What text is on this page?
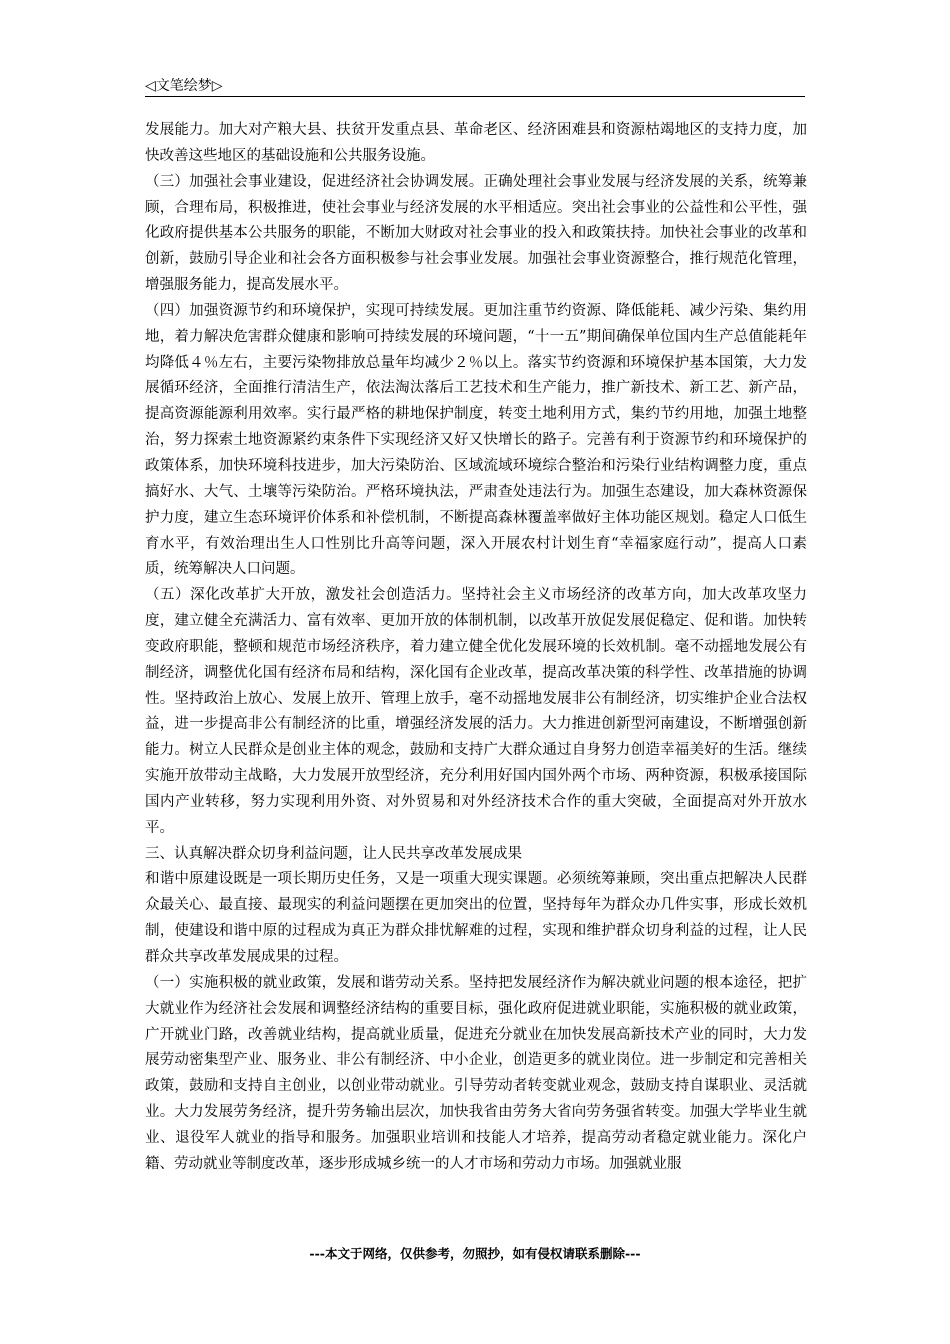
◁文笔绘梦▷

发展能力。加大对产粮大县、扶贫开发重点县、革命老区、经济困难县和资源枯竭地区的支持力度，加快改善这些地区的基础设施和公共服务设施。

（三）加强社会事业建设，促进经济社会协调发展。正确处理社会事业发展与经济发展的关系，统筹兼顾，合理布局，积极推进，使社会事业与经济发展的水平相适应。突出社会事业的公益性和公平性，强化政府提供基本公共服务的职能，不断加大财政对社会事业的投入和政策扶持。加快社会事业的改革和创新，鼓励引导企业和社会各方面积极参与社会事业发展。加强社会事业资源整合，推行规范化管理，增强服务能力，提高发展水平。

（四）加强资源节约和环境保护，实现可持续发展。更加注重节约资源、降低能耗、减少污染、集约用地，着力解决危害群众健康和影响可持续发展的环境问题，“十一五”期间确保单位国内生产总值能耗年均降低４％左右，主要污染物排放总量年均减少２％以上。落实节约资源和环境保护基本国策，大力发展循环经济，全面推行清洁生产，依法淘汰落后工艺技术和生产能力，推广新技术、新工艺、新产品，提高资源能源利用效率。实行最严格的耕地保护制度，转变土地利用方式，集约节约用地，加强土地整治，努力探索土地资源紧约束条件下实现经济又好又快增长的路子。完善有利于资源节约和环境保护的政策体系，加快环境科技进步，加大污染防治、区域流域环境综合整治和污染行业结构调整力度，重点搞好水、大气、土壤等污染防治。严格环境执法，严肃查处违法行为。加强生态建设，加大森林资源保护力度，建立生态环境评价体系和补偿机制，不断提高森林覆盖率做好主体功能区规划。稳定人口低生育水平，有效治理出生人口性别比升高等问题，深入开展农村计划生育“幸福家庭行动”，提高人口素质，统筹解决人口问题。

（五）深化改革扩大开放，激发社会创造活力。坚持社会主义市场经济的改革方向，加大改革攻坚力度，建立健全充满活力、富有效率、更加开放的体制机制，以改革开放促发展促稳定、促和谐。加快转变政府职能，整顿和规范市场经济秩序，着力建立健全优化发展环境的长效机制。毫不动摇地发展公有制经济，调整优化国有经济布局和结构，深化国有企业改革，提高改革决策的科学性、改革措施的协调性。坚持政治上放心、发展上放开、管理上放手，毫不动摇地发展非公有制经济，切实维护企业合法权益，进一步提高非公有制经济的比重，增强经济发展的活力。大力推进创新型河南建设，不断增强创新能力。树立人民群众是创业主体的观念，鼓励和支持广大群众通过自身努力创造幸福美好的生活。继续实施开放带动主战略，大力发展开放型经济，充分利用好国内国外两个市场、两种资源，积极承接国际国内产业转移，努力实现利用外资、对外贸易和对外经济技术合作的重大突破，全面提高对外开放水平。

三、认真解决群众切身利益问题，让人民共享改革发展成果

和谐中原建设既是一项长期历史任务，又是一项重大现实课题。必须统筹兼顾，突出重点把解决人民群众最关心、最直接、最现实的利益问题摆在更加突出的位置，坚持每年为群众办几件实事，形成长效机制，使建设和谐中原的过程成为真正为群众排忧解难的过程，实现和维护群众切身利益的过程，让人民群众共享改革发展成果的过程。

（一）实施积极的就业政策，发展和谐劳动关系。坚持把发展经济作为解决就业问题的根本途径，把扩大就业作为经济社会发展和调整经济结构的重要目标，强化政府促进就业职能，实施积极的就业政策，广开就业门路，改善就业结构，提高就业质量，促进充分就业在加快发展高新技术产业的同时，大力发展劳动密集型产业、服务业、非公有制经济、中小企业，创造更多的就业岗位。进一步制定和完善相关政策，鼓励和支持自主创业，以创业带动就业。引导劳动者转变就业观念，鼓励支持自谋职业、灵活就业。大力发展劳务经济，提升劳务输出层次，加快我省由劳务大省向劳务强省转变。加强大学毕业生就业、退役军人就业的指导和服务。加强职业培训和技能人才培养，提高劳动者稳定就业能力。深化户籍、劳动就业等制度改革，逐步形成城乡统一的人才市场和劳动力市场。加强就业服

---本文于网络，仅供参考，勿照抄，如有侵权请联系删除---
